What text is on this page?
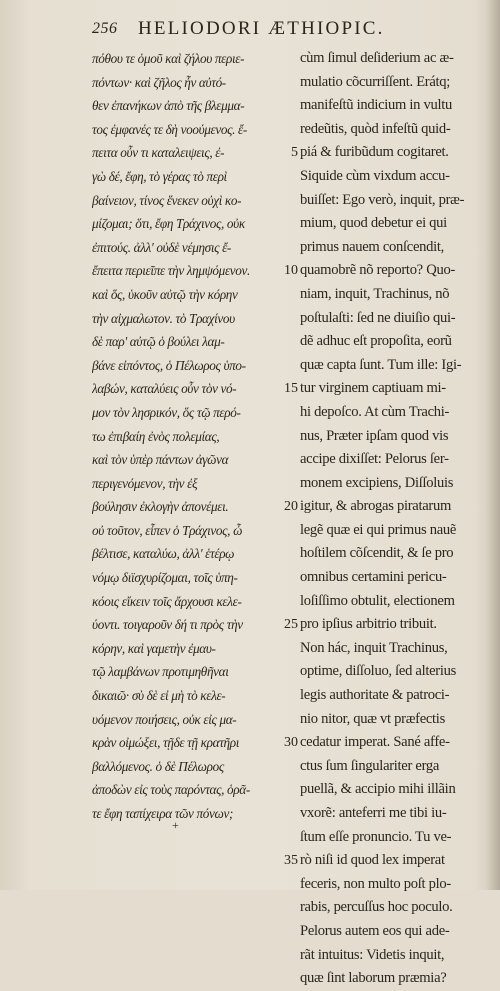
256 HELIODORI ÆTHIOPIC.
πόθου τε ὁμοῦ καὶ ζήλου περιε-
πόντων· καὶ ζῆλος ἦν αὐτό-
θεν ἐπανήκων ἀπὸ τῆς βλεμμα-
τος ἐμφανές τε δὴ νοούμενος. ἔ-
πειτα οὖν τι καταλειψεις, ἐ-
γὼ δέ, ἔφη, τὸ γέρας τὸ περὶ
βαίνειον, τίνος ἕνεκεν οὐχὶ κο-
μίζομαι; ὅτι, ἔφη Τράχινος, οὐκ
ἐπιτούς. ἀλλ' οὐδὲ νέμησις ἔ-
ἔπειτα περιεῖπε τὴν λημψόμενον.
καὶ ὅς, ὑκοῦν αὐτῷ τὴν κόρην
τὴν αἰχμαλωτον. τὸ Τραχίνου
δὲ παρ' αὐτῷ ὁ βούλει λαμ-
βάνε εἰπόντος, ὁ Πέλωρος ὑπο-
λαβών, καταλύεις οὖν τὸν νό-
μον τὸν λησρικόν, ὅς τῷ περό-
τω ἐπιβαίη ἐνὸς πολεμίας,
καὶ τὸν ὑπὲρ πάντων ἀγῶνα
περιγενόμενον, τὴν ἐξ
βούλησιν ἐκλογὴν ἀπονέμει.
οὐ τοῦτον, εἶπεν ὁ Τράχινος, ὦ
βέλτισε, καταλύω, ἀλλ' ἑτέρῳ
νόμῳ διϊσχυρίζομαι, τοῖς ὑπη-
κόοις εἴκειν τοῖς ἄρχουσι κελε-
ύοντι. τοιγαροῦν δή τι πρὸς τὴν
κόρην, καὶ γαμετὴν ἐμαυ-
τῷ λαμβάνων προτιμηθῆναι
δικαιῶ· σὺ δὲ εἰ μὴ τὸ κελε-
υόμενον ποιήσεις, οὐκ εἰς μα-
κρὰν οἰμώξει, τῇδε τῇ κρατῆρι
βαλλόμενος. ὁ δὲ Πέλωρος
ἀποδὼν εἰς τοὺς παρόντας, ὁρᾶ-
τε ἔφη ταπίχειρα τῶν πόνων;
5
10
15
20
25
30
35
cùm ſimul deſiderium ac æ-
mulatio cõcurriſſent. Erátq;
manifeſtũ indicium in vultu
redeũtis, quòd infeſtũ quid-
piá & furibũdum cogitaret.
Siquide cùm vixdum accu-
buiſſet: Ego verò, inquit, præ-
mium, quod debetur ei qui
primus nauem conſcendit,
quamobrẽ nõ reporto? Quo-
niam, inquit, Trachinus, nõ
poſtulaſti: ſed ne diuiſio qui-
dẽ adhuc eſt propoſita, eorũ
quæ capta ſunt. Tum ille: Igi-
tur virginem captiuam mi-
hi depoſco. At cùm Trachi-
nus, Præter ipſam quod vis
accipe dixiſſet: Pelorus ſer-
monem excipiens, Diſſoluis
igitur, & abrogas piratarum
legẽ quæ ei qui primus nauẽ
hoſtilem cõſcendit, & ſe pro
omnibus certamini pericu-
loſiſſimo obtulit, electionem
pro ipſius arbitrio tribuit.
Non hác, inquit Trachinus,
optime, diſſoluo, ſed alterius
legis authoritate & patroci-
nio nitor, quæ vt præfectis
cedatur imperat. Sané affe-
ctus ſum ſingulariter erga
puellã, & accipio mihi illãin
vxorẽ: anteferri me tibi iu-
ſtum eſſe pronuncio. Tu ve-
rò niſi id quod lex imperat
feceris, non multo poſt plo-
rabis, percuſſus hoc poculo.
Pelorus autem eos qui ade-
rãt intuitus: Videtis inquit,
quæ ſint laborum præmia?
+
